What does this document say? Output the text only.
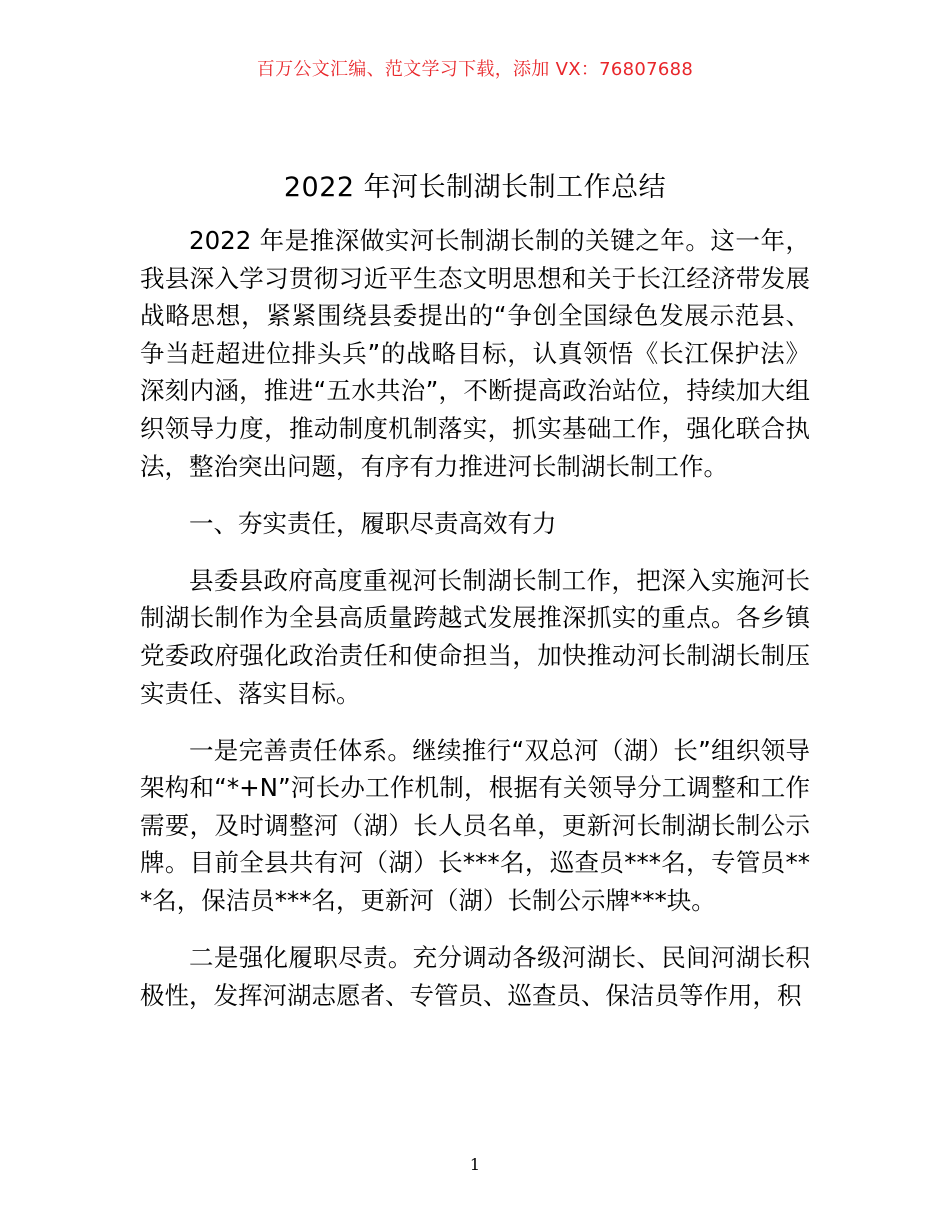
百万公文汇编、范文学习下载，添加 VX：76807688
2022 年河长制湖长制工作总结

2022 年是推深做实河长制湖长制的关键之年。这一年，我县深入学习贯彻习近平生态文明思想和关于长江经济带发展战略思想，紧紧围绕县委提出的“争创全国绿色发展示范县、争当赶超进位排头兵”的战略目标，认真领悟《长江保护法》深刻内涵，推进“五水共治”，不断提高政治站位，持续加大组织领导力度，推动制度机制落实，抓实基础工作，强化联合执法，整治突出问题，有序有力推进河长制湖长制工作。

一、夯实责任，履职尽责高效有力

县委县政府高度重视河长制湖长制工作，把深入实施河长制湖长制作为全县高质量跨越式发展推深抓实的重点。各乡镇党委政府强化政治责任和使命担当，加快推动河长制湖长制压实责任、落实目标。

一是完善责任体系。继续推行“双总河（湖）长”组织领导架构和“*+N”河长办工作机制，根据有关领导分工调整和工作需要，及时调整河（湖）长人员名单，更新河长制湖长制公示牌。目前全县共有河（湖）长***名，巡查员***名，专管员***名，保洁员***名，更新河（湖）长制公示牌***块。

二是强化履职尽责。充分调动各级河湖长、民间河湖长积极性，发挥河湖志愿者、专管员、巡查员、保洁员等作用，积

1
